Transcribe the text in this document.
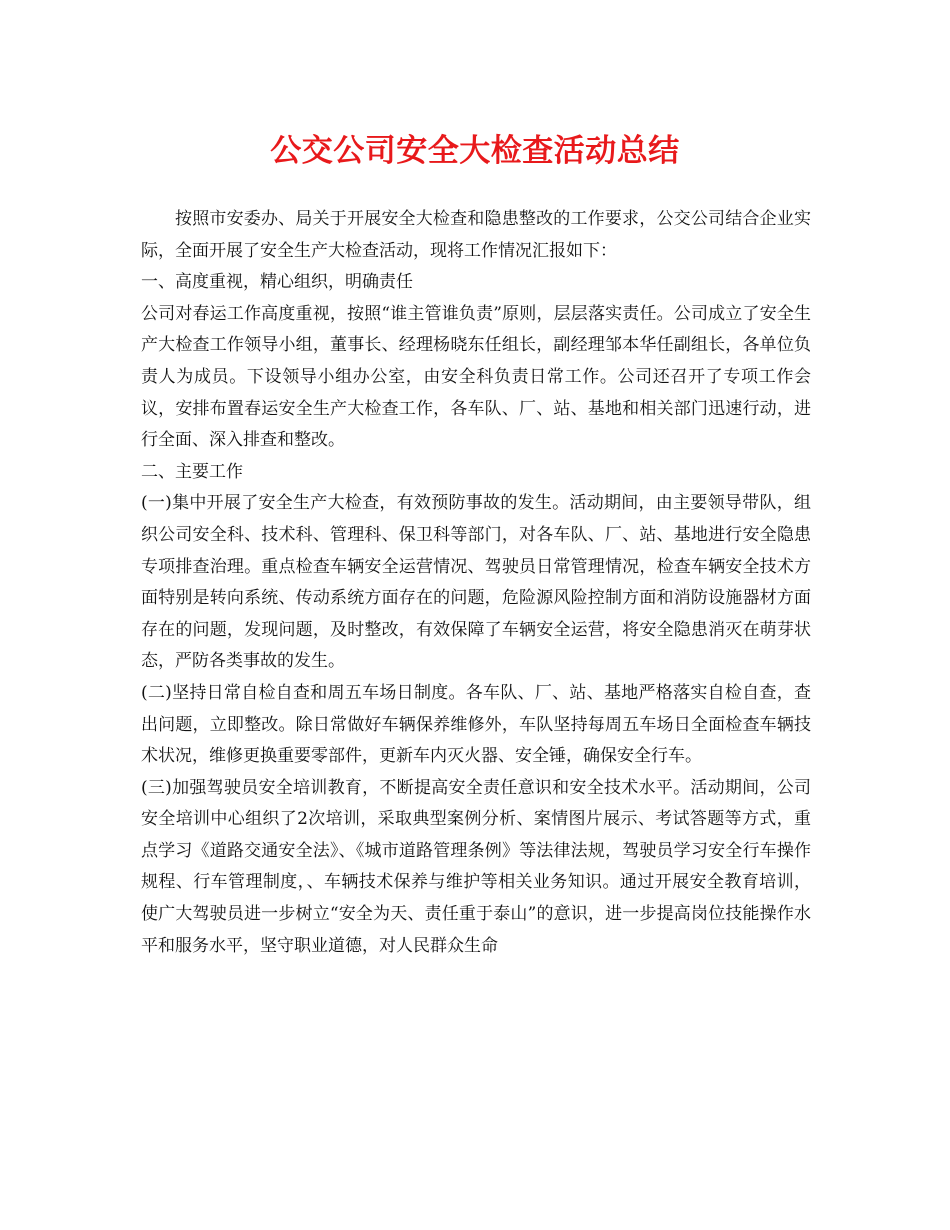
公交公司安全大检查活动总结

按照市安委办、局关于开展安全大检查和隐患整改的工作要求，公交公司结合企业实际，全面开展了安全生产大检查活动，现将工作情况汇报如下：

一、高度重视，精心组织，明确责任

公司对春运工作高度重视，按照“谁主管谁负责”原则，层层落实责任。公司成立了安全生产大检查工作领导小组，董事长、经理杨晓东任组长，副经理邹本华任副组长，各单位负责人为成员。下设领导小组办公室，由安全科负责日常工作。公司还召开了专项工作会议，安排布置春运安全生产大检查工作，各车队、厂、站、基地和相关部门迅速行动，进行全面、深入排查和整改。

二、主要工作

(一)集中开展了安全生产大检查，有效预防事故的发生。活动期间，由主要领导带队，组织公司安全科、技术科、管理科、保卫科等部门，对各车队、厂、站、基地进行安全隐患专项排查治理。重点检查车辆安全运营情况、驾驶员日常管理情况，检查车辆安全技术方面特别是转向系统、传动系统方面存在的问题，危险源风险控制方面和消防设施器材方面存在的问题，发现问题，及时整改，有效保障了车辆安全运营，将安全隐患消灭在萌芽状态，严防各类事故的发生。

(二)坚持日常自检自查和周五车场日制度。各车队、厂、站、基地严格落实自检自查，查出问题，立即整改。除日常做好车辆保养维修外，车队坚持每周五车场日全面检查车辆技术状况，维修更换重要零部件，更新车内灭火器、安全锤，确保安全行车。

(三)加强驾驶员安全培训教育，不断提高安全责任意识和安全技术水平。活动期间，公司安全培训中心组织了2次培训，采取典型案例分析、案情图片展示、考试答题等方式，重点学习《道路交通安全法》、《城市道路管理条例》等法律法规，驾驶员学习安全行车操作规程、行车管理制度，、车辆技术保养与维护等相关业务知识。通过开展安全教育培训，使广大驾驶员进一步树立“安全为天、责任重于泰山”的意识，进一步提高岗位技能操作水平和服务水平，坚守职业道德，对人民群众生命
